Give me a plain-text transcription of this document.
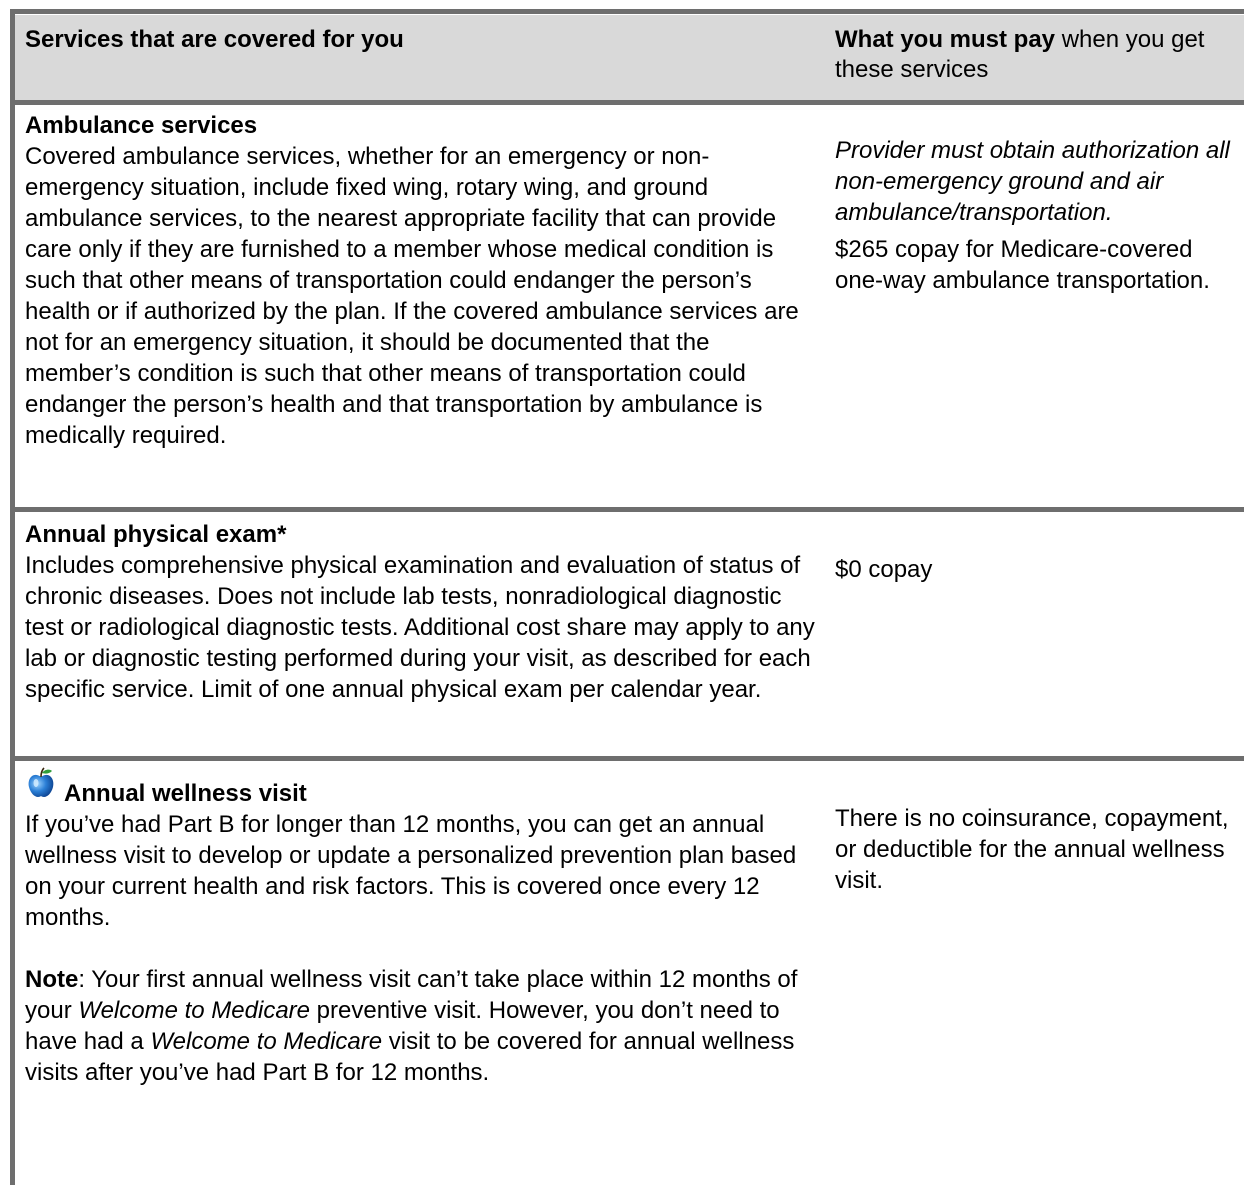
Services that are covered for you	What you must pay when you get these services
Ambulance services

Covered ambulance services, whether for an emergency or non-emergency situation, include fixed wing, rotary wing, and ground ambulance services, to the nearest appropriate facility that can provide care only if they are furnished to a member whose medical condition is such that other means of transportation could endanger the person’s health or if authorized by the plan. If the covered ambulance services are not for an emergency situation, it should be documented that the member’s condition is such that other means of transportation could endanger the person’s health and that transportation by ambulance is medically required.

Provider must obtain authorization all non-emergency ground and air ambulance/transportation.

$265 copay for Medicare-covered one-way ambulance transportation.

Annual physical exam*

Includes comprehensive physical examination and evaluation of status of chronic diseases. Does not include lab tests, nonradiological diagnostic test or radiological diagnostic tests. Additional cost share may apply to any lab or diagnostic testing performed during your visit, as described for each specific service. Limit of one annual physical exam per calendar year.

$0 copay

Annual wellness visit

If you’ve had Part B for longer than 12 months, you can get an annual wellness visit to develop or update a personalized prevention plan based on your current health and risk factors. This is covered once every 12 months.

Note: Your first annual wellness visit can’t take place within 12 months of your Welcome to Medicare preventive visit. However, you don’t need to have had a Welcome to Medicare visit to be covered for annual wellness visits after you’ve had Part B for 12 months.

There is no coinsurance, copayment, or deductible for the annual wellness visit.
